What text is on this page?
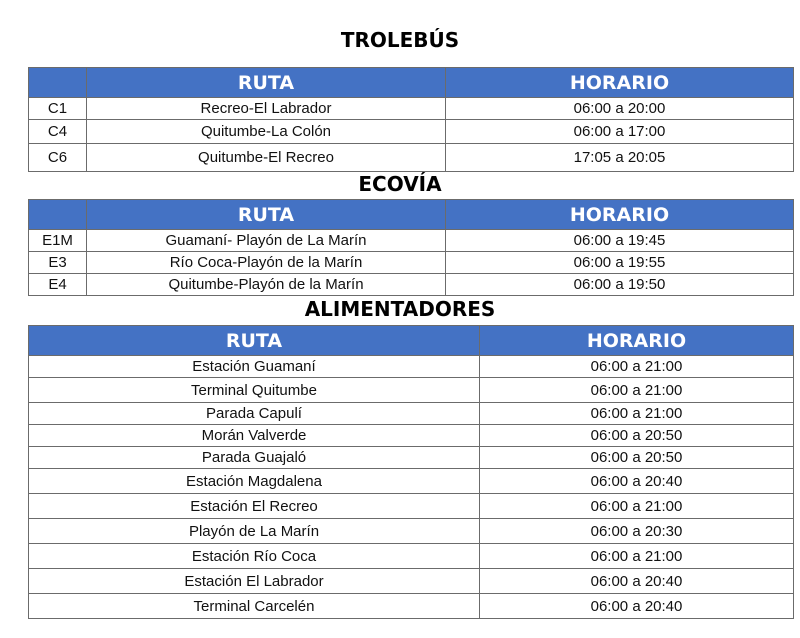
TROLEBÚS
	RUTA	HORARIO
C1	Recreo-El Labrador	06:00 a 20:00
C4	Quitumbe-La Colón	06:00 a 17:00
C6	Quitumbe-El Recreo	17:05 a 20:05
ECOVÍA
	RUTA	HORARIO
E1M	Guamaní- Playón de La Marín	06:00 a 19:45
E3	Río Coca-Playón de la Marín	06:00 a 19:55
E4	Quitumbe-Playón de la Marín	06:00 a 19:50
ALIMENTADORES
RUTA	HORARIO
Estación Guamaní	06:00 a 21:00
Terminal Quitumbe	06:00 a 21:00
Parada Capulí	06:00 a 21:00
Morán Valverde	06:00 a 20:50
Parada Guajaló	06:00 a 20:50
Estación Magdalena	06:00 a 20:40
Estación El Recreo	06:00 a 21:00
Playón de La Marín	06:00 a 20:30
Estación Río Coca	06:00 a 21:00
Estación El Labrador	06:00 a 20:40
Terminal Carcelén	06:00 a 20:40
